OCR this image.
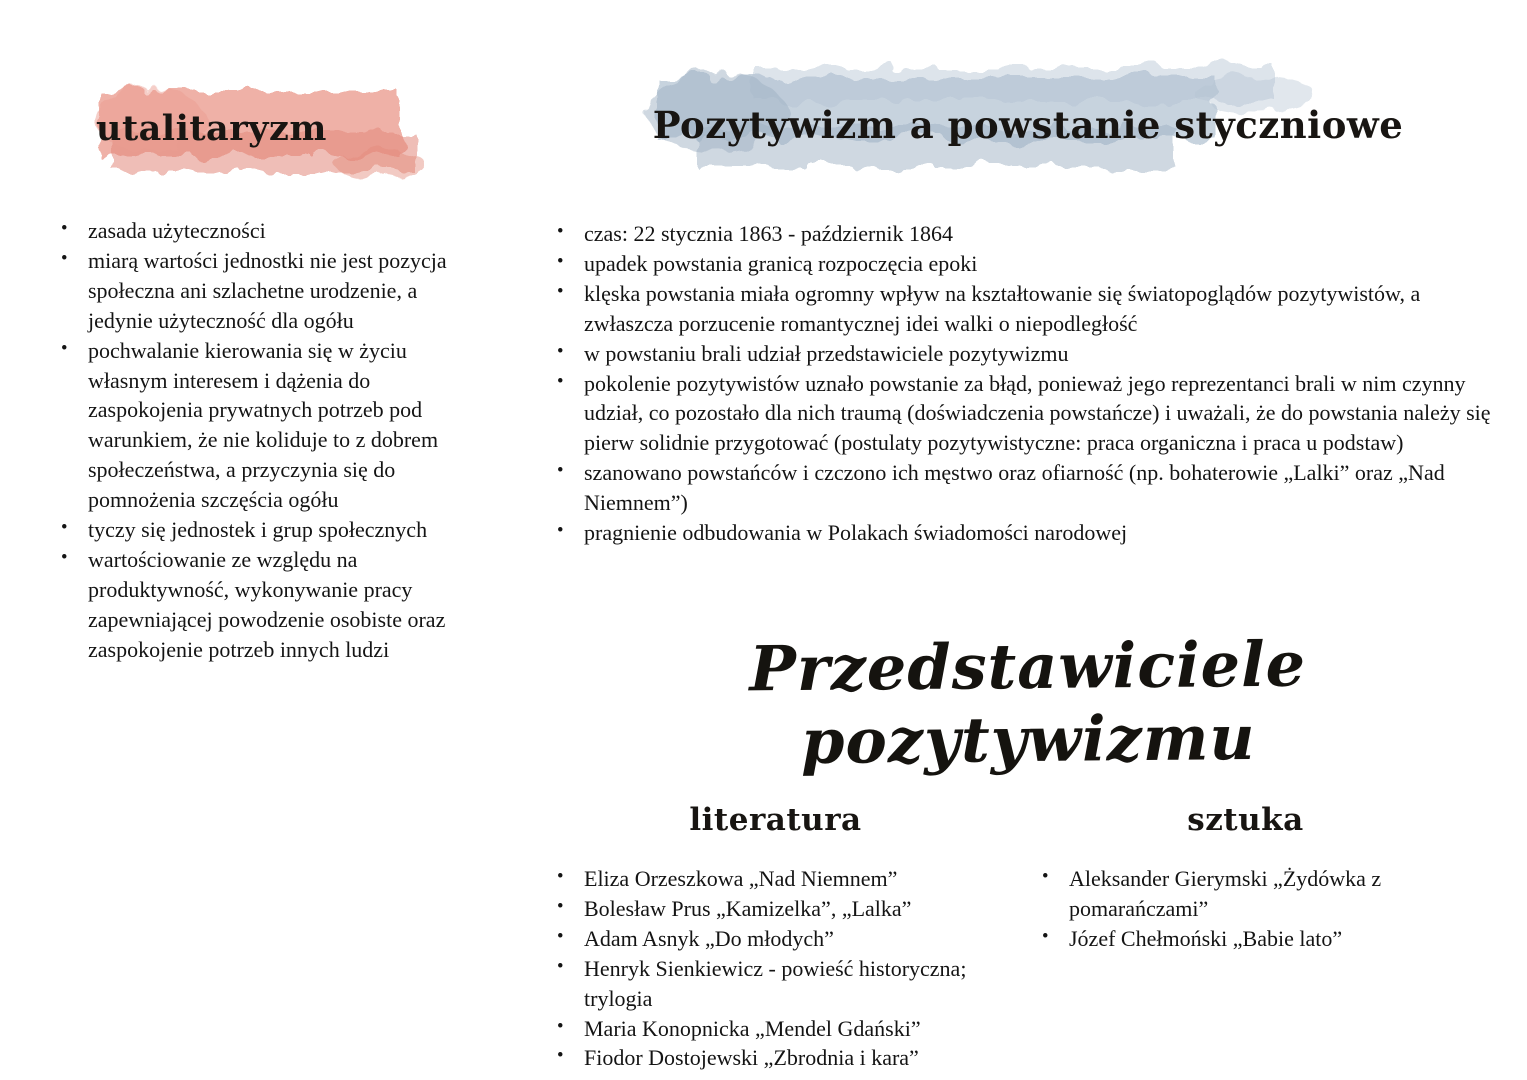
utalitaryzm
• zasada użyteczności
• miarą wartości jednostki nie jest pozycja społeczna ani szlachetne urodzenie, a jedynie użyteczność dla ogółu
• pochwalanie kierowania się w życiu własnym interesem i dążenia do zaspokojenia prywatnych potrzeb pod warunkiem, że nie koliduje to z dobrem społeczeństwa, a przyczynia się do pomnożenia szczęścia ogółu
• tyczy się jednostek i grup społecznych
• wartościowanie ze względu na produktywność, wykonywanie pracy zapewniającej powodzenie osobiste oraz zaspokojenie potrzeb innych ludzi
Pozytywizm a powstanie styczniowe
• czas: 22 stycznia 1863 - październik 1864
• upadek powstania granicą rozpoczęcia epoki
• klęska powstania miała ogromny wpływ na kształtowanie się światopoglądów pozytywistów, a zwłaszcza porzucenie romantycznej idei walki o niepodległość
• w powstaniu brali udział przedstawiciele pozytywizmu
• pokolenie pozytywistów uznało powstanie za błąd, ponieważ jego reprezentanci brali w nim czynny udział, co pozostało dla nich traumą (doświadczenia powstańcze) i uważali, że do powstania należy się pierw solidnie przygotować (postulaty pozytywistyczne: praca organiczna i praca u podstaw)
• szanowano powstańców i czczono ich męstwo oraz ofiarność (np. bohaterowie „Lalki” oraz „Nad Niemnem”)
• pragnienie odbudowania w Polakach świadomości narodowej
Przedstawiciele pozytywizmu
literatura
• Eliza Orzeszkowa „Nad Niemnem”
• Bolesław Prus „Kamizelka”, „Lalka”
• Adam Asnyk „Do młodych”
• Henryk Sienkiewicz - powieść historyczna; trylogia
• Maria Konopnicka „Mendel Gdański”
• Fiodor Dostojewski „Zbrodnia i kara”
sztuka
• Aleksander Gierymski „Żydówka z pomarańczami”
• Józef Chełmoński „Babie lato”
